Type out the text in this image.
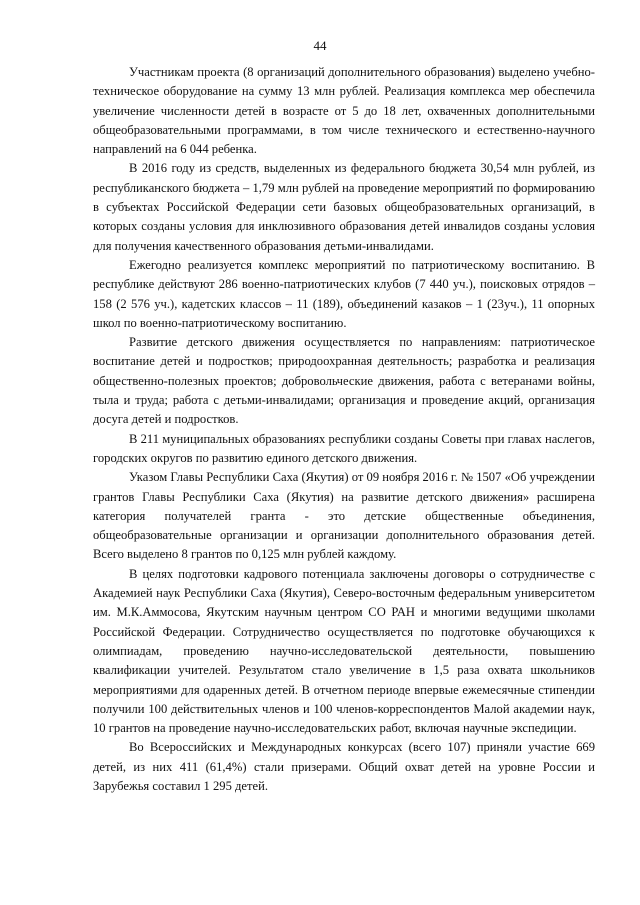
44

Участникам проекта (8 организаций дополнительного образования) выделено учебно-техническое оборудование на сумму 13 млн рублей. Реализация комплекса мер обеспечила увеличение численности детей в возрасте от 5 до 18 лет, охваченных дополнительными общеобразовательными программами, в том числе технического и естественно-научного направлений на 6 044 ребенка.

В 2016 году из средств, выделенных из федерального бюджета 30,54 млн рублей, из республиканского бюджета – 1,79 млн рублей на проведение мероприятий по формированию в субъектах Российской Федерации сети базовых общеобразовательных организаций, в которых созданы условия для инклюзивного образования детей инвалидов созданы условия для получения качественного образования детьми-инвалидами.

Ежегодно реализуется комплекс мероприятий по патриотическому воспитанию. В республике действуют 286 военно-патриотических клубов (7 440 уч.), поисковых отрядов – 158 (2 576 уч.), кадетских классов – 11 (189), объединений казаков – 1 (23уч.), 11 опорных школ по военно-патриотическому воспитанию.

Развитие детского движения осуществляется по направлениям: патриотическое воспитание детей и подростков; природоохранная деятельность; разработка и реализация общественно-полезных проектов; добровольческие движения, работа с ветеранами войны, тыла и труда; работа с детьми-инвалидами; организация и проведение акций, организация досуга детей и подростков.

В 211 муниципальных образованиях республики созданы Советы при главах наслегов, городских округов по развитию единого детского движения.

Указом Главы Республики Саха (Якутия) от 09 ноября 2016 г. № 1507 «Об учреждении грантов Главы Республики Саха (Якутия) на развитие детского движения» расширена категория получателей гранта - это детские общественные объединения, общеобразовательные организации и организации дополнительного образования детей. Всего выделено 8 грантов по 0,125 млн рублей каждому.

В целях подготовки кадрового потенциала заключены договоры о сотрудничестве с Академией наук Республики Саха (Якутия), Северо-восточным федеральным университетом им. М.К.Аммосова, Якутским научным центром СО РАН и многими ведущими школами Российской Федерации. Сотрудничество осуществляется по подготовке обучающихся к олимпиадам, проведению научно-исследовательской деятельности, повышению квалификации учителей. Результатом стало увеличение в 1,5 раза охвата школьников мероприятиями для одаренных детей. В отчетном периоде впервые ежемесячные стипендии получили 100 действительных членов и 100 членов-корреспондентов Малой академии наук, 10 грантов на проведение научно-исследовательских работ, включая научные экспедиции.

Во Всероссийских и Международных конкурсах (всего 107) приняли участие 669 детей, из них 411 (61,4%) стали призерами. Общий охват детей на уровне России и Зарубежья составил 1 295 детей.
